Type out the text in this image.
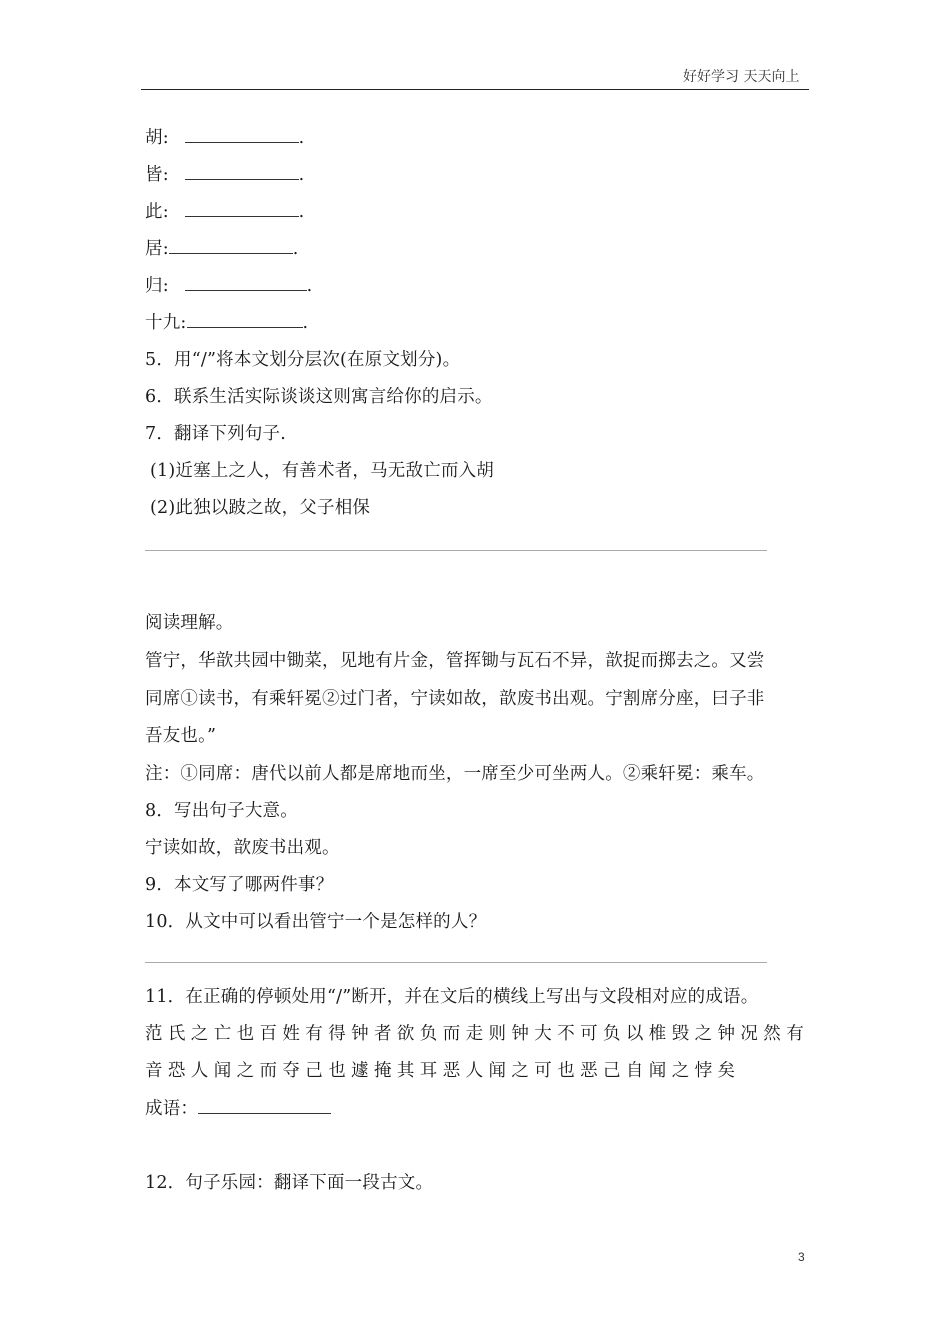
好好学习 天天向上
胡:	.
皆:	.
此:	.
居:	.
归:	.
十九:	.
5．用“/”将本文划分层次(在原文划分)。
6．联系生活实际谈谈这则寓言给你的启示。
7．翻译下列句子.
(1)近塞上之人，有善术者，马无敌亡而入胡
(2)此独以跛之故，父子相保
阅读理解。
管宁，华歆共园中锄菜，见地有片金，管挥锄与瓦石不异，歆捉而掷去之。又尝
同席①读书，有乘轩冕②过门者，宁读如故，歆废书出观。宁割席分座，曰子非
吾友也。”
注：①同席：唐代以前人都是席地而坐，一席至少可坐两人。②乘轩冕：乘车。
8．写出句子大意。
宁读如故，歆废书出观。
9．本文写了哪两件事？
10．从文中可以看出管宁一个是怎样的人？
11．在正确的停顿处用“/”断开，并在文后的横线上写出与文段相对应的成语。
范氏之亡也百姓有得钟者欲负而走则钟大不可负以椎毁之钟况然有
音恐人闻之而夺己也遽掩其耳恶人闻之可也恶己自闻之悖矣
成语：
12．句子乐园：翻译下面一段古文。
3
